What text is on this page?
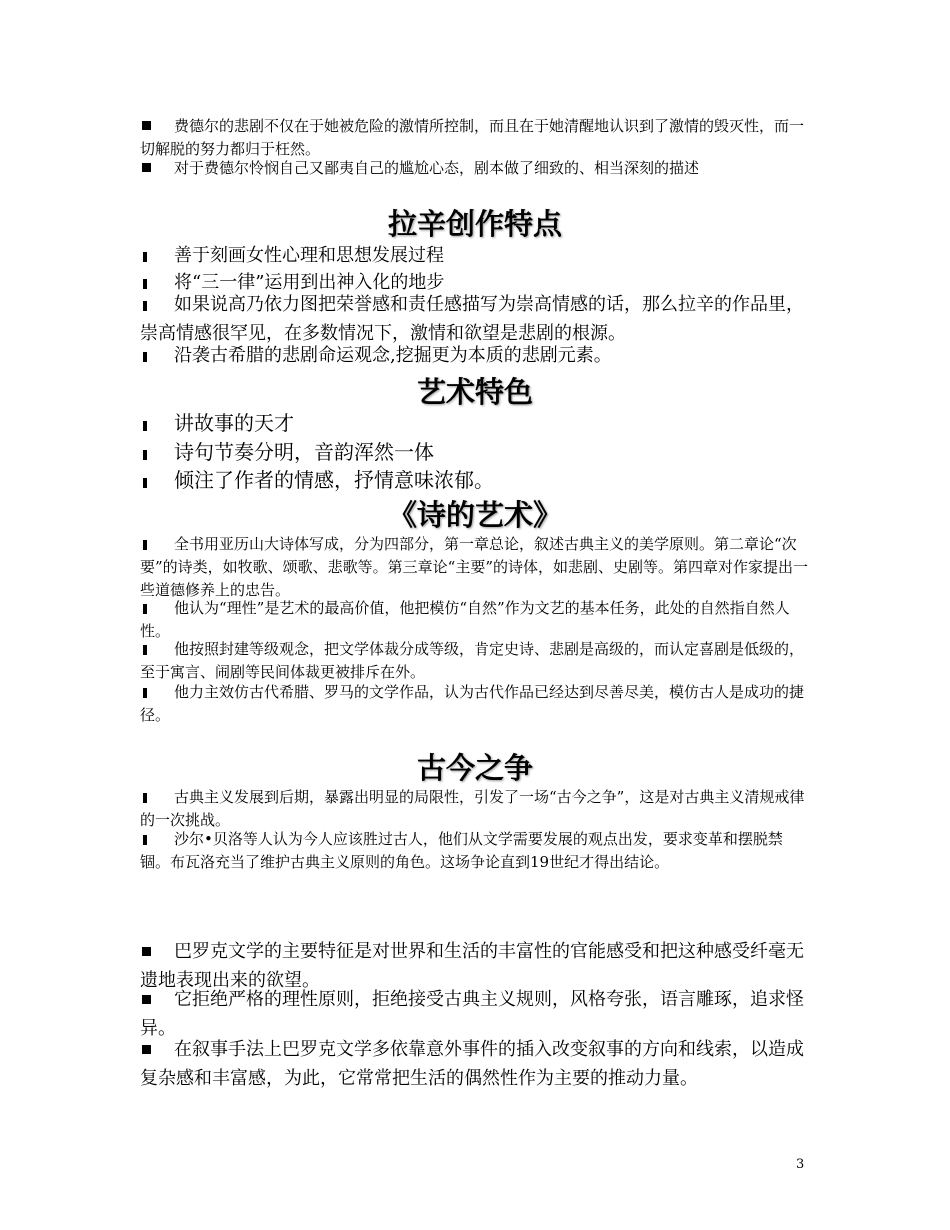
费德尔的悲剧不仅在于她被危险的激情所控制，而且在于她清醒地认识到了激情的毁灭性，而一切解脱的努力都归于枉然。

对于费德尔怜悯自己又鄙夷自己的尴尬心态，剧本做了细致的、相当深刻的描述

拉辛创作特点

善于刻画女性心理和思想发展过程

将“三一律”运用到出神入化的地步

如果说高乃依力图把荣誉感和责任感描写为崇高情感的话，那么拉辛的作品里，崇高情感很罕见，在多数情况下，激情和欲望是悲剧的根源。

沿袭古希腊的悲剧命运观念,挖掘更为本质的悲剧元素。

艺术特色

讲故事的天才

诗句节奏分明，音韵浑然一体

倾注了作者的情感，抒情意味浓郁。

《诗的艺术》

全书用亚历山大诗体写成，分为四部分，第一章总论，叙述古典主义的美学原则。第二章论“次要”的诗类，如牧歌、颂歌、悲歌等。第三章论“主要”的诗体，如悲剧、史剧等。第四章对作家提出一些道德修养上的忠告。

他认为“理性”是艺术的最高价值，他把模仿“自然”作为文艺的基本任务，此处的自然指自然人性。

他按照封建等级观念，把文学体裁分成等级，肯定史诗、悲剧是高级的，而认定喜剧是低级的，至于寓言、闹剧等民间体裁更被排斥在外。

他力主效仿古代希腊、罗马的文学作品，认为古代作品已经达到尽善尽美，模仿古人是成功的捷径。

古今之争

古典主义发展到后期，暴露出明显的局限性，引发了一场“古今之争”，这是对古典主义清规戒律的一次挑战。

沙尔•贝洛等人认为今人应该胜过古人，他们从文学需要发展的观点出发，要求变革和摆脱禁锢。布瓦洛充当了维护古典主义原则的角色。这场争论直到19世纪才得出结论。

巴罗克文学的主要特征是对世界和生活的丰富性的官能感受和把这种感受纤毫无遗地表现出来的欲望。

它拒绝严格的理性原则，拒绝接受古典主义规则，风格夸张，语言雕琢，追求怪异。

在叙事手法上巴罗克文学多依靠意外事件的插入改变叙事的方向和线索，以造成复杂感和丰富感，为此，它常常把生活的偶然性作为主要的推动力量。

3
